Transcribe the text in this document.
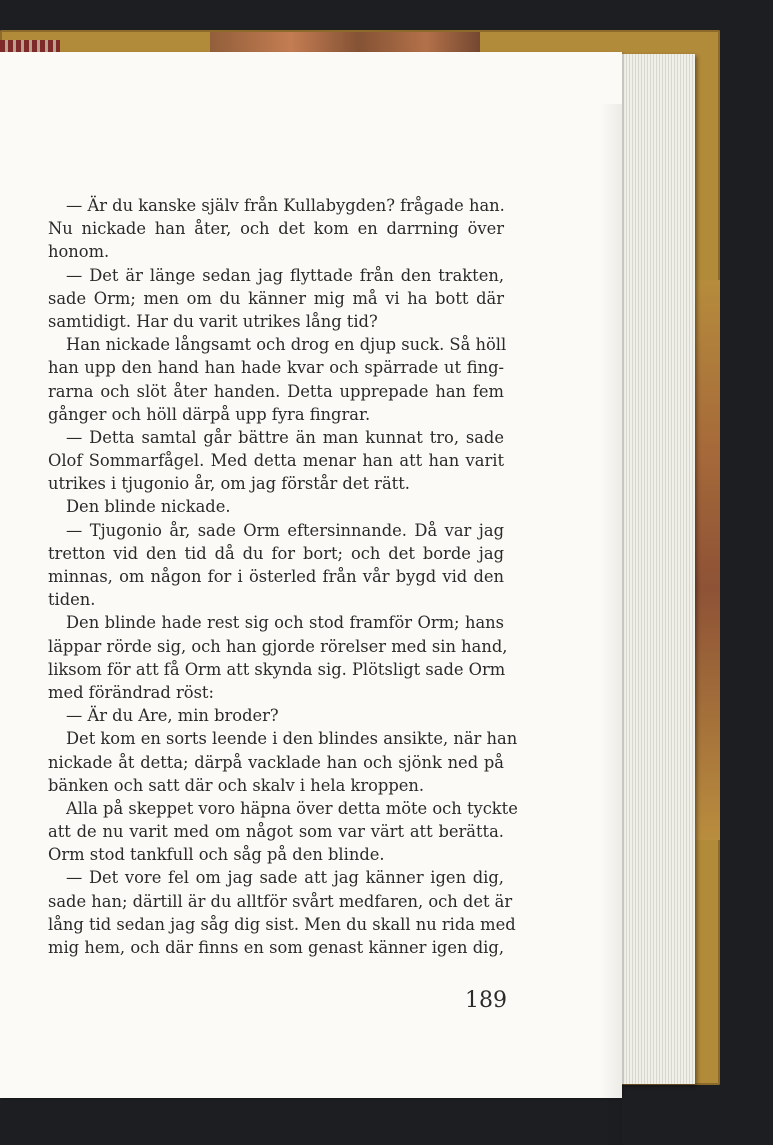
— Är du kanske själv från Kullabygden? frågade han.
Nu nickade han åter, och det kom en darrning över
honom.
— Det är länge sedan jag flyttade från den trakten,
sade Orm; men om du känner mig må vi ha bott där
samtidigt. Har du varit utrikes lång tid?
Han nickade långsamt och drog en djup suck. Så höll
han upp den hand han hade kvar och spärrade ut fing-
rarna och slöt åter handen. Detta upprepade han fem
gånger och höll därpå upp fyra fingrar.
— Detta samtal går bättre än man kunnat tro, sade
Olof Sommarfågel. Med detta menar han att han varit
utrikes i tjugonio år, om jag förstår det rätt.
Den blinde nickade.
— Tjugonio år, sade Orm eftersinnande. Då var jag
tretton vid den tid då du for bort; och det borde jag
minnas, om någon for i österled från vår bygd vid den
tiden.
Den blinde hade rest sig och stod framför Orm; hans
läppar rörde sig, och han gjorde rörelser med sin hand,
liksom för att få Orm att skynda sig. Plötsligt sade Orm
med förändrad röst:
— Är du Are, min broder?
Det kom en sorts leende i den blindes ansikte, när han
nickade åt detta; därpå vacklade han och sjönk ned på
bänken och satt där och skalv i hela kroppen.
Alla på skeppet voro häpna över detta möte och tyckte
att de nu varit med om något som var värt att berätta.
Orm stod tankfull och såg på den blinde.
— Det vore fel om jag sade att jag känner igen dig,
sade han; därtill är du alltför svårt medfaren, och det är
lång tid sedan jag såg dig sist. Men du skall nu rida med
mig hem, och där finns en som genast känner igen dig,
189
